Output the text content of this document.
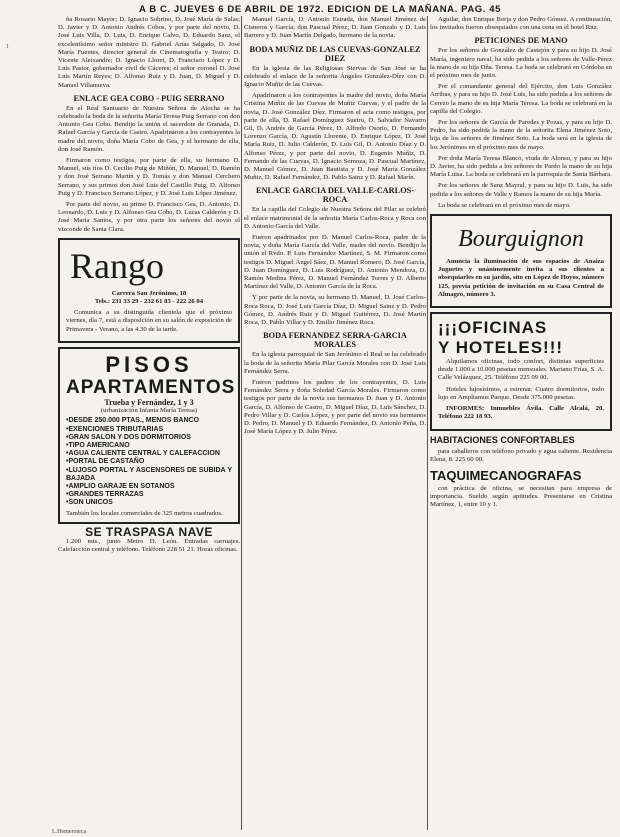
A B C. JUEVES 6 DE ABRIL DE 1972. EDICION DE LA MAÑANA. PAG. 45
1

ña Rosario Mayor; D. Ignacio Sobrino, D. José María de Salas; D. Javier y D. Antonio Andrés Cobos, y por parte del novio, D. José Luis Villa, D. Luis, D. Enrique Calvo, D. Eduardo Sanz, el excelentísimo señor ministro D. Gabriel Arias Salgado, D. José María Fuentes, director general de Cinematografía y Teatro; D. Vicente Aleixandre; D. Ignacio Lloret, D. Francisco López y D. Luis Pastor, gobernador civil de Cáceres; el señor coronel D. José Luis Martín Reyes; D. Alfonso Ruiz y D. Juan, D. Miguel y D. Manuel Villanueva.

ENLACE GEA COBO - PUIG SERRANO

En el Real Santuario de Nuestra Señora de Atocha se ha celebrado la boda de la señorita María Teresa Puig Serrano con don Antonio Gea Cobo. Bendijo la unión el sacerdote de Granada, D. Rafael García y García de Castro. Apadrinaron a los contrayentes la madre del novio, doña María Cobo de Gea, y el hermano de ella, don José Ramón.

Firmaron como testigos, por parte de ella, su hermano D. Manuel, sus tíos D. Cecilio Puig de Miñón, D. Manuel, D. Ramón y don José Serrano Martín y D. Tomás y don Manuel Cerchero Serrano, y sus primos don José Luis del Castillo Puig, D. Alfonso Puig y D. Francisco Serrano López, y D. José Luis López Jiménez.

Por parte del novio, su primo D. Francisco Gea, D. Antonio, D. Leonardo, D. Luis y D. Alfonso Gea Cobo, D. Lucas Calderón y D. José María Santos, y por otra parte los señores del novio el vizconde de Santa Clara.

Rango
Carrera San Jerónimo, 18
Tels.: 231 33 29 - 232 61 83 - 222 26 04

Comunica a su distinguida clientela que el próximo viernes, día 7, está a disposición en su salón de exposición de Primavera - Verano, a las 4.30 de la tarde.

PISOS
APARTAMENTOS
Trueba y Fernández, 1 y 3
(urbanización Infanta María Teresa)
• DESDE 250.000 PTAS., MENOS BANCO
• EXENCIONES TRIBUTARIAS
• GRAN SALON Y DOS DORMITORIOS
• TIPO AMERICANO
• AGUA CALIENTE CENTRAL Y CALEFACCION
• PORTAL DE CASTAÑO
• LUJOSO PORTAL Y ASCENSORES DE SUBIDA Y BAJADA
• AMPLIO GARAJE EN SOTANOS
• GRANDES TERRAZAS
• SON UNICOS
También los locales comerciales de 325 metros cuadrados.
SE TRASPASA NAVE

1.200 mts., junto Metro D. León. Entradas carruajes. Calefacción central y teléfono. Teléfono 228 51 21. Horas oficinas.

Manuel García, D. Antonio Estrada, don Manuel Jiménez de Cisneros y García; don Pascual Pérez; D. Juan Gonzalo y D. Luis Barrero y D. Juan Martín Delgado, hermano de la novia.

BODA MUÑIZ DE LAS CUEVAS-GONZALEZ DIEZ

En la iglesia de las Religiosas Siervas de San José se ha celebrado el enlace de la señorita Ángeles González-Díez con D. Ignacio Muñiz de las Cuevas.

Apadrinaron a los contrayentes la madre del novio, doña María Cristina Muñiz de las Cuevas de Muñiz Cuevas, y el padre de la novia, D. José González Díez. Firmaron el acta como testigos, por parte de ella, D. Rafael Domínguez Sueiro, D. Salvador Navarro Gil, D. Andrés de García Pérez, D. Alfredo Osorio, D. Fernando Lorenzo García, D. Agustín Llorente, D. Enrique López, D. José María Ruiz, D. Julio Calderón, D. Luis Gil, D. Antonio Díaz y D. Alfonso Pérez, y por parte del novio, D. Eugenio Muñiz, D. Fernando de las Cuevas, D. Ignacio Somoza, D. Pascual Martínez, D. Manuel Gómez, D. Juan Bautista y D. José María González Muñiz, D. Rafael Fernández, D. Pablo Sainz y D. Rafael Marín.

ENLACE GARCIA DEL VALLE-CARLOS-ROCA

En la capilla del Colegio de Nuestra Señora del Pilar se celebró el enlace matrimonial de la señorita María Carlos-Roca y Roca con D. Antonio García del Valle.

Fueron apadrinados por D. Manuel Carlos-Roca, padre de la novia, y doña María García del Valle, madre del novio. Bendijo la unión el Rvdo. P. Luis Fernández Martínez, S. M. Firmaron como testigos D. Miguel Ángel Sáez, D. Manuel Romero, D. José García, D. Juan Domínguez, D. Luis Rodríguez, D. Antonio Mendoza, D. Ramón Medina Pérez, D. Manuel Fernández Torres y D. Alberto Martínez del Valle, D. Antonio García de la Roca.

Y por parte de la novia, su hermano D. Manuel, D. José Carlos-Roca Roca, D. José Luis García Díaz, D. Miguel Sainz y D. Pedro Gómez, D. Andrés Ruiz y D. Miguel Gutiérrez, D. José Martín Roca, D. Pablo Villar y D. Emilio Jiménez Roca.

BODA FERNANDEZ SERRA-GARCIA MORALES

En la iglesia parroquial de San Jerónimo el Real se ha celebrado la boda de la señorita María Pilar García Morales con D. José Luis Fernández Serra.

Fueron padrinos los padres de los contrayentes, D. Luis Fernández Serra y doña Soledad García Morales. Firmaron como testigos por parte de la novia sus hermanos D. Juan y D. Antonio García, D. Alfonso de Castro, D. Miguel Díaz, D. Luis Sánchez, D. Pedro Villar y D. Carlos López, y por parte del novio sus hermanos D. Pedro, D. Manuel y D. Eduardo Fernández, D. Antonio Peña, D. José María López y D. Julio Pérez.

Aguilar, don Enrique Borja y don Pedro Gómez. A continuación, los invitados fueron obsequiados con una cena en el hotel Ritz.

PETICIONES DE MANO

Por los señores de González de Castejón y para su hijo D. José María, ingeniero naval, ha sido pedida a los señores de Valle-Pérez la mano de su hija Dña. Teresa. La boda se celebrará en Córdoba en el próximo mes de junio.

Por el comandante general del Ejército, don Luis González Arribas, y para su hijo D. José Luis, ha sido pedida a los señores de Cerezo la mano de su hija María Teresa. La boda se celebrará en la capilla del Colegio.

Por los señores de García de Paredes y Pozas, y para su hijo D. Pedro, ha sido pedida la mano de la señorita Elena Jiménez Soto, hija de los señores de Jiménez Soto. La boda será en la iglesia de los Jerónimos en el próximo mes de mayo.

Por doña María Teresa Blanco, viuda de Alonso, y para su hijo D. Javier, ha sido pedida a los señores de Pardo la mano de su hija María Luisa. La boda se celebrará en la parroquia de Santa Bárbara.

Por los señores de Sanz Mayral, y para su hijo D. Luis, ha sido pedida a los señores de Valle y Ramos la mano de su hija María.

La boda se celebrará en el próximo mes de mayo.

Bourguignon

Anuncia la iluminación de sus espacios de Anaiza Juguetes y unánimemente invita a sus clientes a obsequiarles en su jardín, sito en López de Hoyos, número 125, previa petición de invitación en su Casa Central de Almagro, número 3.

¡¡¡OFICINAS
Y HOTELES!!!

Alquilamos oficinas, todo confort, distintas superficies desde 1.000 a 10.000 pesetas mensuales. Mariano Frías, S. A. Calle Velázquez, 25. Teléfono 225 09 00.

Hoteles lujosísimos, a estrenar. Cuatro dormitorios, todo lujo en Ampliamos Parque. Desde 375.000 pesetas.

INFORMES: Inmuebles Ávila. Calle Alcalá, 20. Teléfono 222 18 93.

HABITACIONES CONFORTABLES

para caballeros con teléfono privado y agua caliente. Residencia Elena, 8. 225 60 00.

TAQUIMECANOGRAFAS

con práctica de oficina, se necesitan para empresa de importancia. Sueldo según aptitudes. Presentarse en Cristina Martínez, 1, entre 10 y 1.

L.Hemeroteca
